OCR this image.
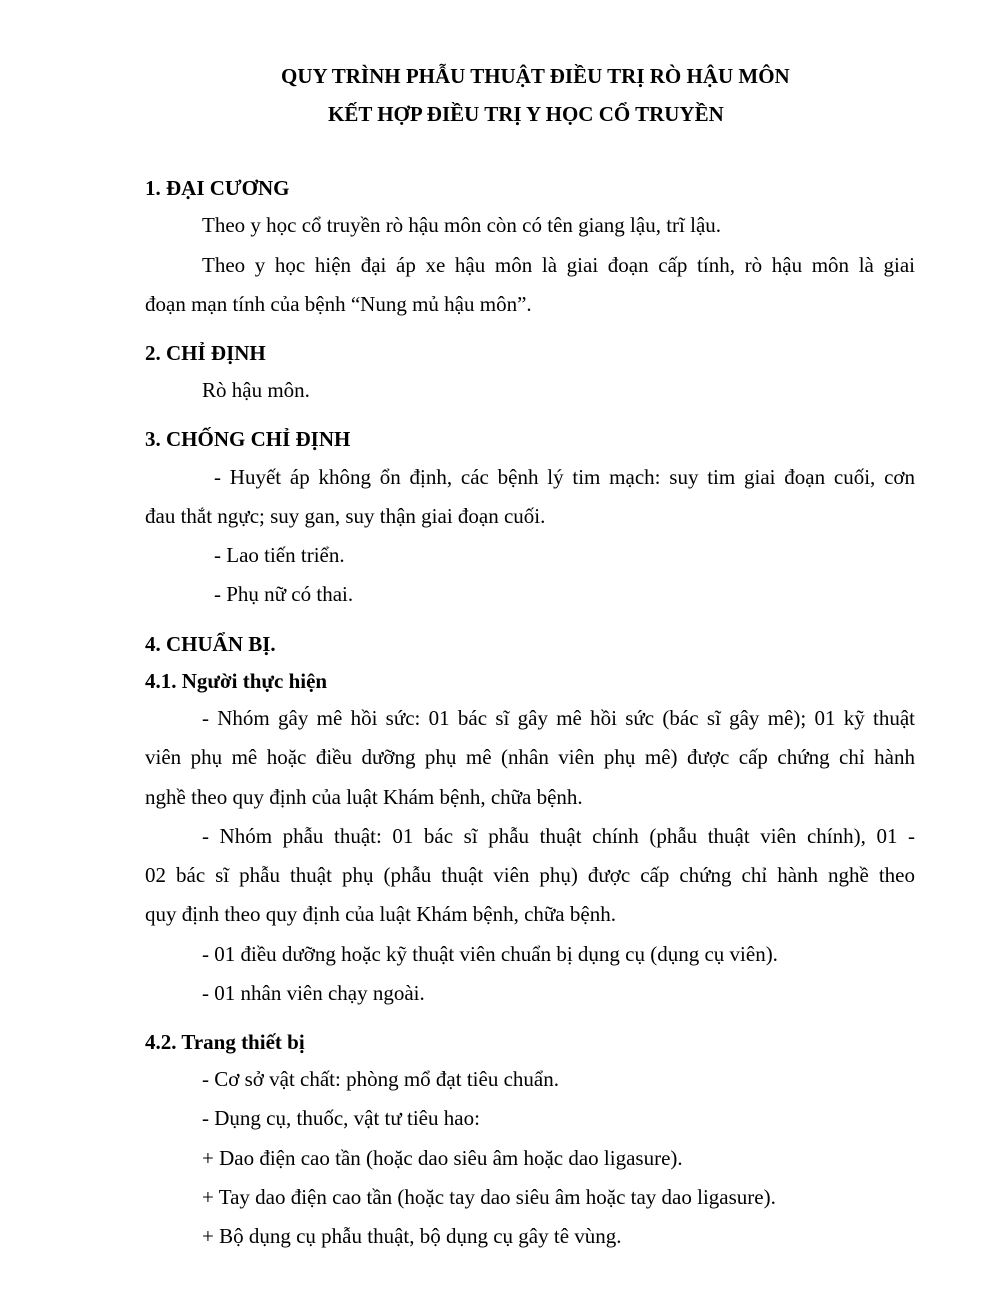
QUY TRÌNH PHẪU THUẬT ĐIỀU TRỊ RÒ HẬU MÔN
KẾT HỢP ĐIỀU TRỊ Y HỌC CỔ TRUYỀN
1. ĐẠI CƯƠNG
Theo y học cổ truyền rò hậu môn còn có tên giang lậu, trĩ lậu.
Theo y học hiện đại áp xe hậu môn là giai đoạn cấp tính, rò hậu môn là giai
đoạn mạn tính của bệnh “Nung mủ hậu môn”.
2. CHỈ ĐỊNH
Rò hậu môn.
3. CHỐNG CHỈ ĐỊNH
- Huyết áp không ổn định, các bệnh lý tim mạch: suy tim giai đoạn cuối, cơn
đau thắt ngực; suy gan, suy thận giai đoạn cuối.
- Lao tiến triển.
- Phụ nữ có thai.
4. CHUẨN BỊ.
4.1. Người thực hiện
- Nhóm gây mê hồi sức: 01 bác sĩ gây mê hồi sức (bác sĩ gây mê); 01 kỹ thuật
viên phụ mê hoặc điều dưỡng phụ mê (nhân viên phụ mê) được cấp chứng chỉ hành
nghề theo quy định của luật Khám bệnh, chữa bệnh.
- Nhóm phẫu thuật: 01 bác sĩ phẫu thuật chính (phẫu thuật viên chính), 01 -
02 bác sĩ phẫu thuật phụ (phẫu thuật viên phụ) được cấp chứng chỉ hành nghề theo
quy định theo quy định của luật Khám bệnh, chữa bệnh.
- 01 điều dưỡng hoặc kỹ thuật viên chuẩn bị dụng cụ (dụng cụ viên).
- 01 nhân viên chạy ngoài.
4.2. Trang thiết bị
- Cơ sở vật chất: phòng mổ đạt tiêu chuẩn.
- Dụng cụ, thuốc, vật tư tiêu hao:
+ Dao điện cao tần (hoặc dao siêu âm hoặc dao ligasure).
+ Tay dao điện cao tần (hoặc tay dao siêu âm hoặc tay dao ligasure).
+ Bộ dụng cụ phẫu thuật, bộ dụng cụ gây tê vùng.
